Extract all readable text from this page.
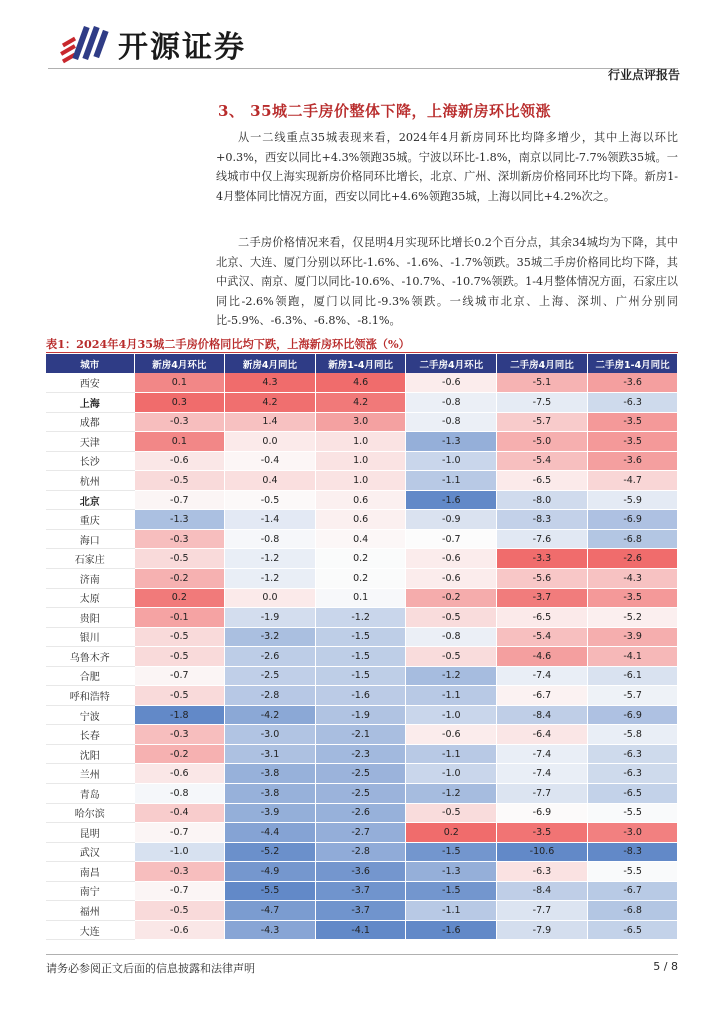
开源证券
行业点评报告
3、 35城二手房价整体下降，上海新房环比领涨

从一二线重点35城表现来看，2024年4月新房同环比均降多增少，其中上海以环比+0.3%，西安以同比+4.3%领跑35城。宁波以环比-1.8%，南京以同比-7.7%领跌35城。一线城市中仅上海实现新房价格同环比增长，北京、广州、深圳新房价格同环比均下降。新房1-4月整体同比情况方面，西安以同比+4.6%领跑35城，上海以同比+4.2%次之。

二手房价格情况来看，仅昆明4月实现环比增长0.2个百分点，其余34城均为下降，其中北京、大连、厦门分别以环比-1.6%、-1.6%、-1.7%领跌。35城二手房价格同比均下降，其中武汉、南京、厦门以同比-10.6%、-10.7%、-10.7%领跌。1-4月整体情况方面，石家庄以同比-2.6%领跑，厦门以同比-9.3%领跌。一线城市北京、上海、深圳、广州分别同比-5.9%、-6.3%、-6.8%、-8.1%。

表1：2024年4月35城二手房价格同比均下跌，上海新房环比领涨（%）
城市	新房4月环比	新房4月同比	新房1-4月同比	二手房4月环比	二手房4月同比	二手房1-4月同比
西安	0.1	4.3	4.6	-0.6	-5.1	-3.6
上海	0.3	4.2	4.2	-0.8	-7.5	-6.3
成都	-0.3	1.4	3.0	-0.8	-5.7	-3.5
天津	0.1	0.0	1.0	-1.3	-5.0	-3.5
长沙	-0.6	-0.4	1.0	-1.0	-5.4	-3.6
杭州	-0.5	0.4	1.0	-1.1	-6.5	-4.7
北京	-0.7	-0.5	0.6	-1.6	-8.0	-5.9
重庆	-1.3	-1.4	0.6	-0.9	-8.3	-6.9
海口	-0.3	-0.8	0.4	-0.7	-7.6	-6.8
石家庄	-0.5	-1.2	0.2	-0.6	-3.3	-2.6
济南	-0.2	-1.2	0.2	-0.6	-5.6	-4.3
太原	0.2	0.0	0.1	-0.2	-3.7	-3.5
贵阳	-0.1	-1.9	-1.2	-0.5	-6.5	-5.2
银川	-0.5	-3.2	-1.5	-0.8	-5.4	-3.9
乌鲁木齐	-0.5	-2.6	-1.5	-0.5	-4.6	-4.1
合肥	-0.7	-2.5	-1.5	-1.2	-7.4	-6.1
呼和浩特	-0.5	-2.8	-1.6	-1.1	-6.7	-5.7
宁波	-1.8	-4.2	-1.9	-1.0	-8.4	-6.9
长春	-0.3	-3.0	-2.1	-0.6	-6.4	-5.8
沈阳	-0.2	-3.1	-2.3	-1.1	-7.4	-6.3
兰州	-0.6	-3.8	-2.5	-1.0	-7.4	-6.3
青岛	-0.8	-3.8	-2.5	-1.2	-7.7	-6.5
哈尔滨	-0.4	-3.9	-2.6	-0.5	-6.9	-5.5
昆明	-0.7	-4.4	-2.7	0.2	-3.5	-3.0
武汉	-1.0	-5.2	-2.8	-1.5	-10.6	-8.3
南昌	-0.3	-4.9	-3.6	-1.3	-6.3	-5.5
南宁	-0.7	-5.5	-3.7	-1.5	-8.4	-6.7
福州	-0.5	-4.7	-3.7	-1.1	-7.7	-6.8
大连	-0.6	-4.3	-4.1	-1.6	-7.9	-6.5
请务必参阅正文后面的信息披露和法律声明	5 / 8
